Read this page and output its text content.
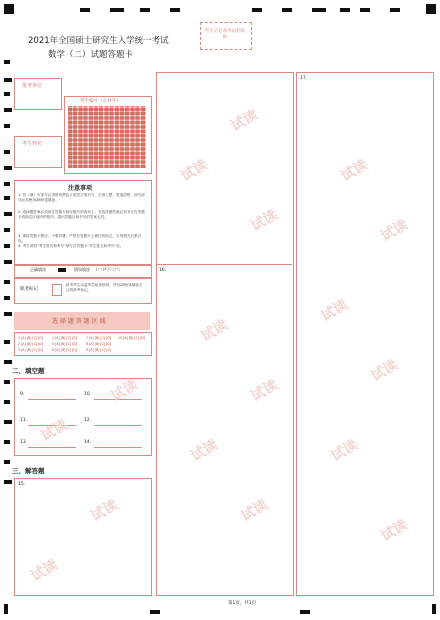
2021年全国硕士研究生入学统一考试
数学（二）试题答题卡
考生信息条形码粘贴框
报考单位
考生姓名
考生编号（左对齐）
注意事项
1. 答（填）写部分必须使用黑色字迹签字笔书写，字迹工整、笔迹清楚；涂写部分必须使用2B铅笔填涂。
2. 选择题答案必须涂在答题卡相应题号的选项上；非选择题答案必须书写在答题卡的指定区域内的框内，超出答题区域书写的答案无效。
3. 保持答题卡整洁，不要折叠，严禁在答题卡上做任何标记，否则相关后果自负。
4. 考生须将“考生姓名和考号”填写在答题卡“考生姓名和考号”处。
正确填涂	错误填涂 [✓] [✗] [-] [•]
缺考标记
缺考考生由监考员贴条形码，并用2B铅笔填涂左边的缺考标记。
选 择 题 答 题 区 域
1 [A] [B] [C] [D]	4 [A] [B] [C] [D]	7 [A] [B] [C] [D] 10 [A] [B] [C] [D]
2 [A] [B] [C] [D]	5 [A] [B] [C] [D]	8 [A] [B] [C] [D]
3 [A] [B] [C] [D]	6 [A] [B] [C] [D]	9 [A] [B] [C] [D]
二、填空题
9.	10.
11.	12.
13.	14.
三、解答题
15.
16.
17.
第1页，共1页
试读
试读
试读
试读
试读
试读
试读
试读
试读
试读	试读
试读
试读
试读
试读
试读
试读
